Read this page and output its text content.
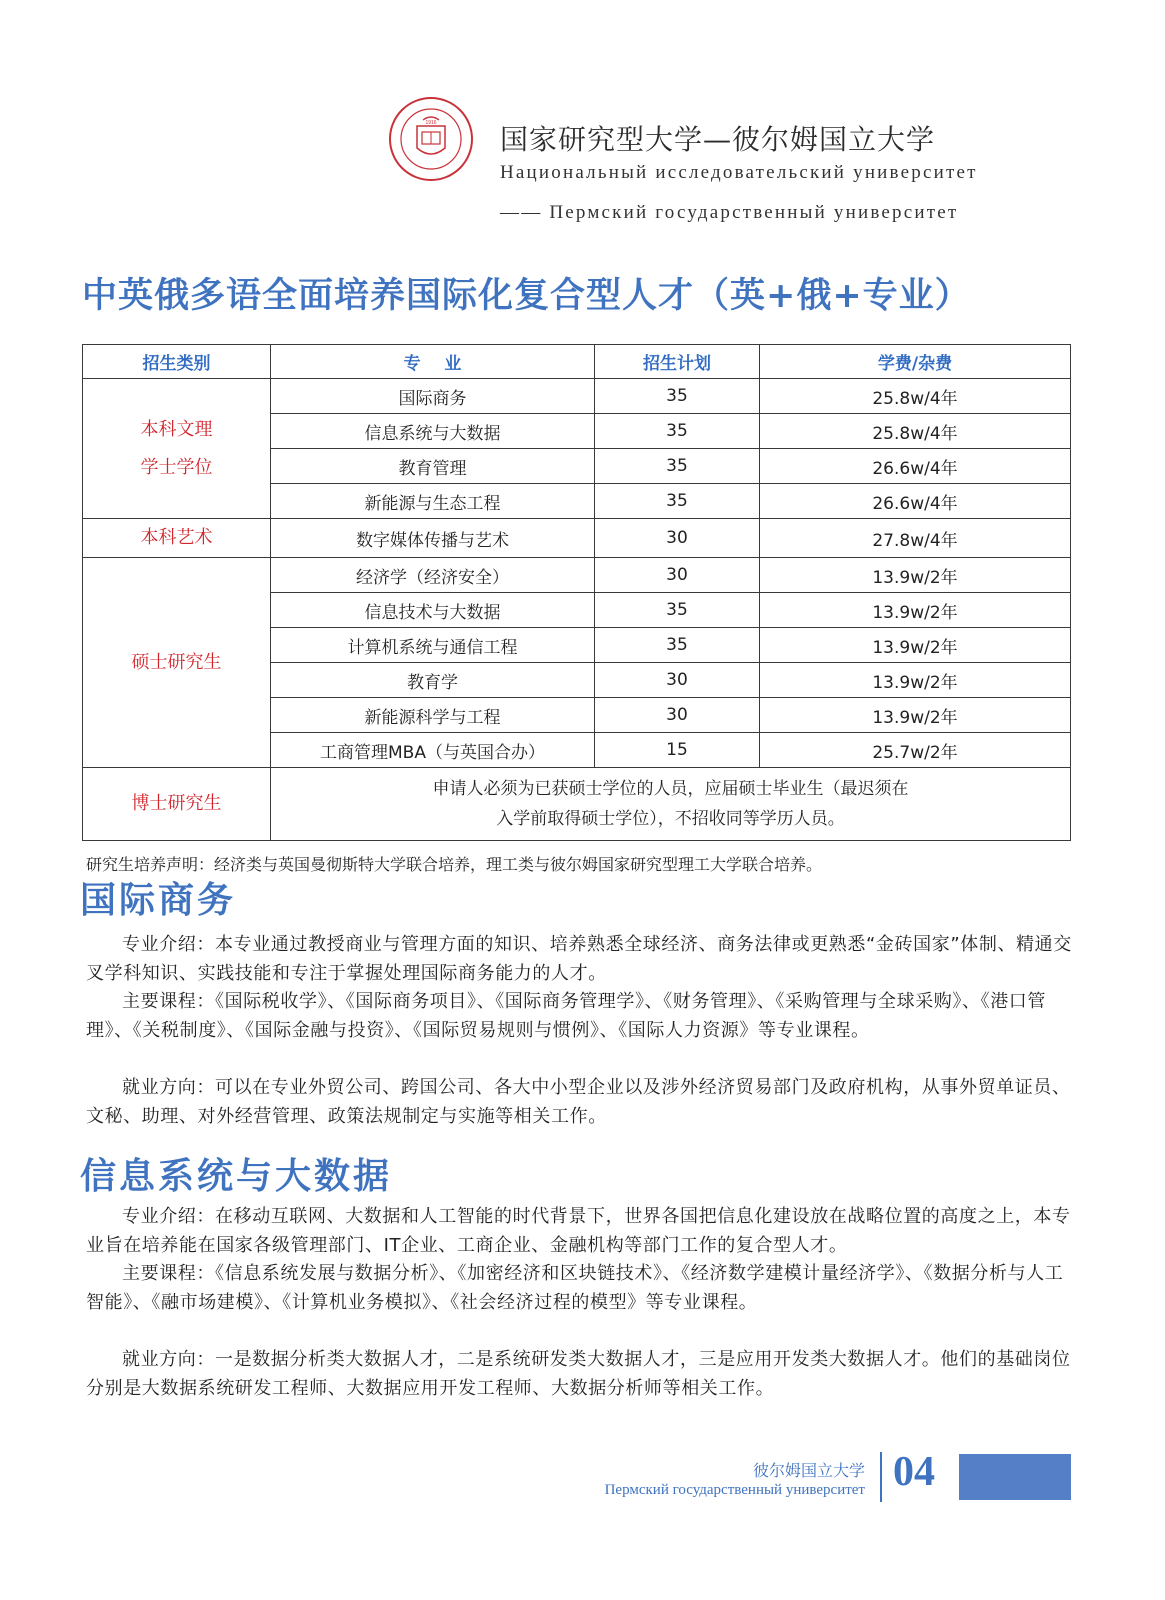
1916 国家研究型大学—彼尔姆国立大学
Национальный исследовательский университет
—— Пермский государственный университет
中英俄多语全面培养国际化复合型人才（英+俄+专业）
招生类别	专    业	招生计划	学费/杂费

本科文理
学士学位	国际商务	35	25.8w/4年
	信息系统与大数据	35	25.8w/4年
	教育管理	35	26.6w/4年
	新能源与生态工程	35	26.6w/4年
本科艺术	数字媒体传播与艺术	30	27.8w/4年
硕士研究生	经济学（经济安全）	30	13.9w/2年
	信息技术与大数据	35	13.9w/2年
	计算机系统与通信工程	35	13.9w/2年
	教育学	30	13.9w/2年
	新能源科学与工程	30	13.9w/2年
	工商管理MBA（与英国合办）	15	25.7w/2年
博士研究生	申请人必须为已获硕士学位的人员，应届硕士毕业生（最迟须在
入学前取得硕士学位），不招收同等学历人员。		
研究生培养声明：经济类与英国曼彻斯特大学联合培养，理工类与彼尔姆国家研究型理工大学联合培养。
国际商务
专业介绍：本专业通过教授商业与管理方面的知识、培养熟悉全球经济、商务法律或更熟悉“金砖国家”体制、精通交叉学科知识、实践技能和专注于掌握处理国际商务能力的人才。
主要课程：《国际税收学》、《国际商务项目》、《国际商务管理学》、《财务管理》、《采购管理与全球采购》、《港口管理》、《关税制度》、《国际金融与投资》、《国际贸易规则与惯例》、《国际人力资源》等专业课程。
就业方向：可以在专业外贸公司、跨国公司、各大中小型企业以及涉外经济贸易部门及政府机构，从事外贸单证员、文秘、助理、对外经营管理、政策法规制定与实施等相关工作。
信息系统与大数据
专业介绍：在移动互联网、大数据和人工智能的时代背景下，世界各国把信息化建设放在战略位置的高度之上，本专业旨在培养能在国家各级管理部门、IT企业、工商企业、金融机构等部门工作的复合型人才。
主要课程：《信息系统发展与数据分析》、《加密经济和区块链技术》、《经济数学建模计量经济学》、《数据分析与人工智能》、《融市场建模》、《计算机业务模拟》、《社会经济过程的模型》等专业课程。
就业方向：一是数据分析类大数据人才，二是系统研发类大数据人才，三是应用开发类大数据人才。他们的基础岗位分别是大数据系统研发工程师、大数据应用开发工程师、大数据分析师等相关工作。
彼尔姆国立大学
Пермский государственный университет 04
